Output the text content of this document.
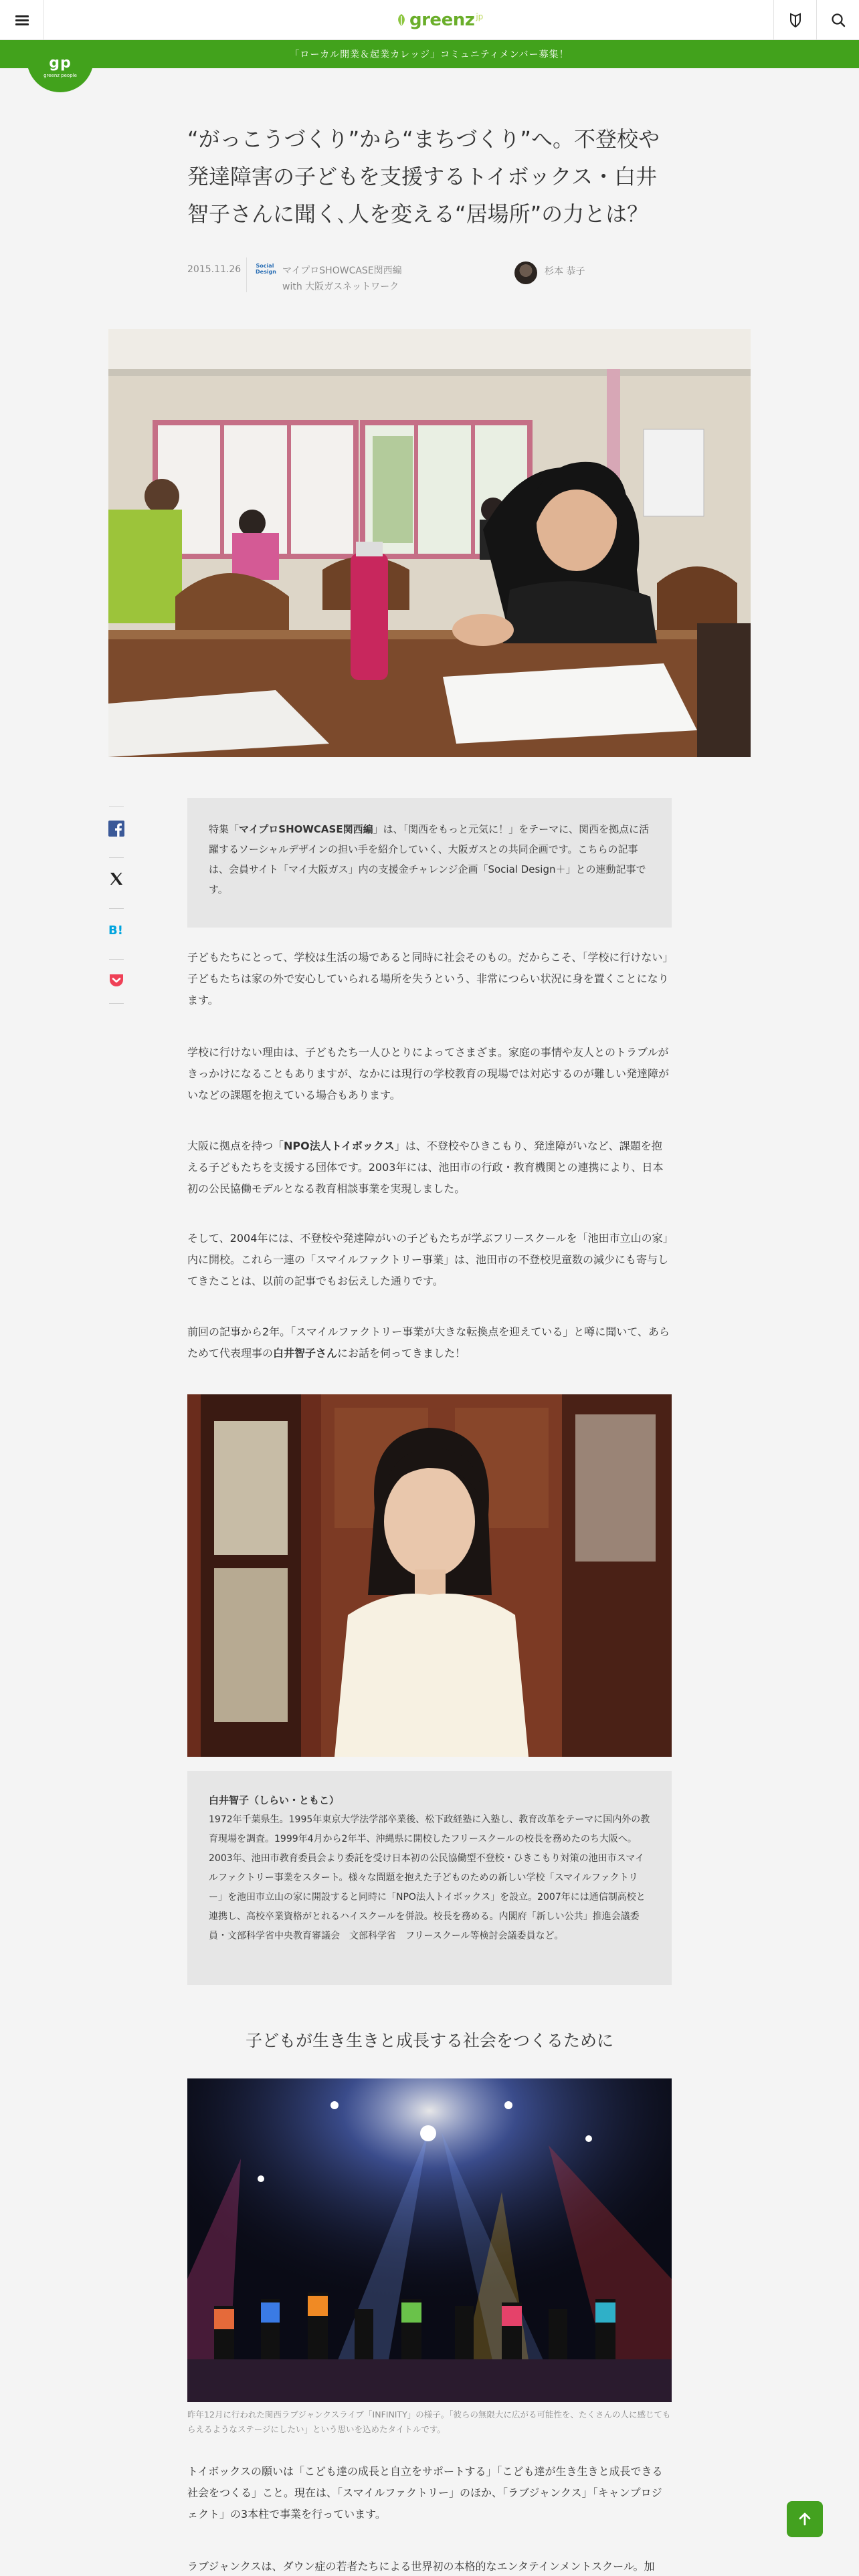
greenz jp
「ローカル開業＆起業カレッジ」コミュニティメンバー募集！
gp
greenz people
“がっこうづくり”から“まちづくり”へ。不登校や発達障害の子どもを支援するトイボックス・白井智子さんに聞く､人を変える“居場所”の力とは？
2015.11.26	Social Design マイプロSHOWCASE関西編 with 大阪ガスネットワーク
杉本 恭子
B!
特集「マイプロSHOWCASE関西編」は、「関西をもっと元気に！」をテーマに、関西を拠点に活躍するソーシャルデザインの担い手を紹介していく、大阪ガスとの共同企画です。こちらの記事は、会員サイト「マイ大阪ガス」内の支援金チャレンジ企画「Social Design＋」との連動記事です。

子どもたちにとって、学校は生活の場であると同時に社会そのもの。だからこそ、「学校に行けない」子どもたちは家の外で安心していられる場所を失うという、非常につらい状況に身を置くことになります。

学校に行けない理由は、子どもたち一人ひとりによってさまざま。家庭の事情や友人とのトラブルがきっかけになることもありますが、なかには現行の学校教育の現場では対応するのが難しい発達障がいなどの課題を抱えている場合もあります。

大阪に拠点を持つ「NPO法人トイボックス」は、不登校やひきこもり、発達障がいなど、課題を抱える子どもたちを支援する団体です。2003年には、池田市の行政・教育機関との連携により、日本初の公民協働モデルとなる教育相談事業を実現しました。

そして、2004年には、不登校や発達障がいの子どもたちが学ぶフリースクールを「池田市立山の家」内に開校。これら一連の「スマイルファクトリー事業」は、池田市の不登校児童数の減少にも寄与してきたことは、以前の記事でもお伝えした通りです。

前回の記事から2年。「スマイルファクトリー事業が大きな転換点を迎えている」と噂に聞いて、あらためて代表理事の白井智子さんにお話を伺ってきました！

白井智子（しらい・ともこ）
1972年千葉県生。1995年東京大学法学部卒業後、松下政経塾に入塾し、教育改革をテーマに国内外の教育現場を調査。1999年4月から2年半、沖縄県に開校したフリースクールの校長を務めたのち大阪へ。2003年、池田市教育委員会より委託を受け日本初の公民協働型不登校・ひきこもり対策の池田市スマイルファクトリー事業をスタート。様々な問題を抱えた子どものための新しい学校「スマイルファクトリー」を池田市立山の家に開設すると同時に「NPO法人トイボックス」を設立。2007年には通信制高校と連携し、高校卒業資格がとれるハイスクールを併設。校長を務める。内閣府「新しい公共」推進会議委員・文部科学省中央教育審議会　文部科学省　フリースクール等検討会議委員など。
子どもが生き生きと成長する社会をつくるために

昨年12月に行われた関西ラブジャンクスライブ「INFINITY」の様子。「彼らの無限大に広がる可能性を、たくさんの人に感じてもらえるようなステージにしたい」という思いを込めたタイトルです。

トイボックスの願いは「こども達の成長と自立をサポートする」「こども達が生き生きと成長できる社会をつくる」こと。現在は、「スマイルファクトリー」のほか、「ラブジャンクス」「キャンプロジェクト」の3本柱で事業を行っています。

ラブジャンクスは、ダウン症の若者たちによる世界初の本格的なエンタテインメントスクール。加
